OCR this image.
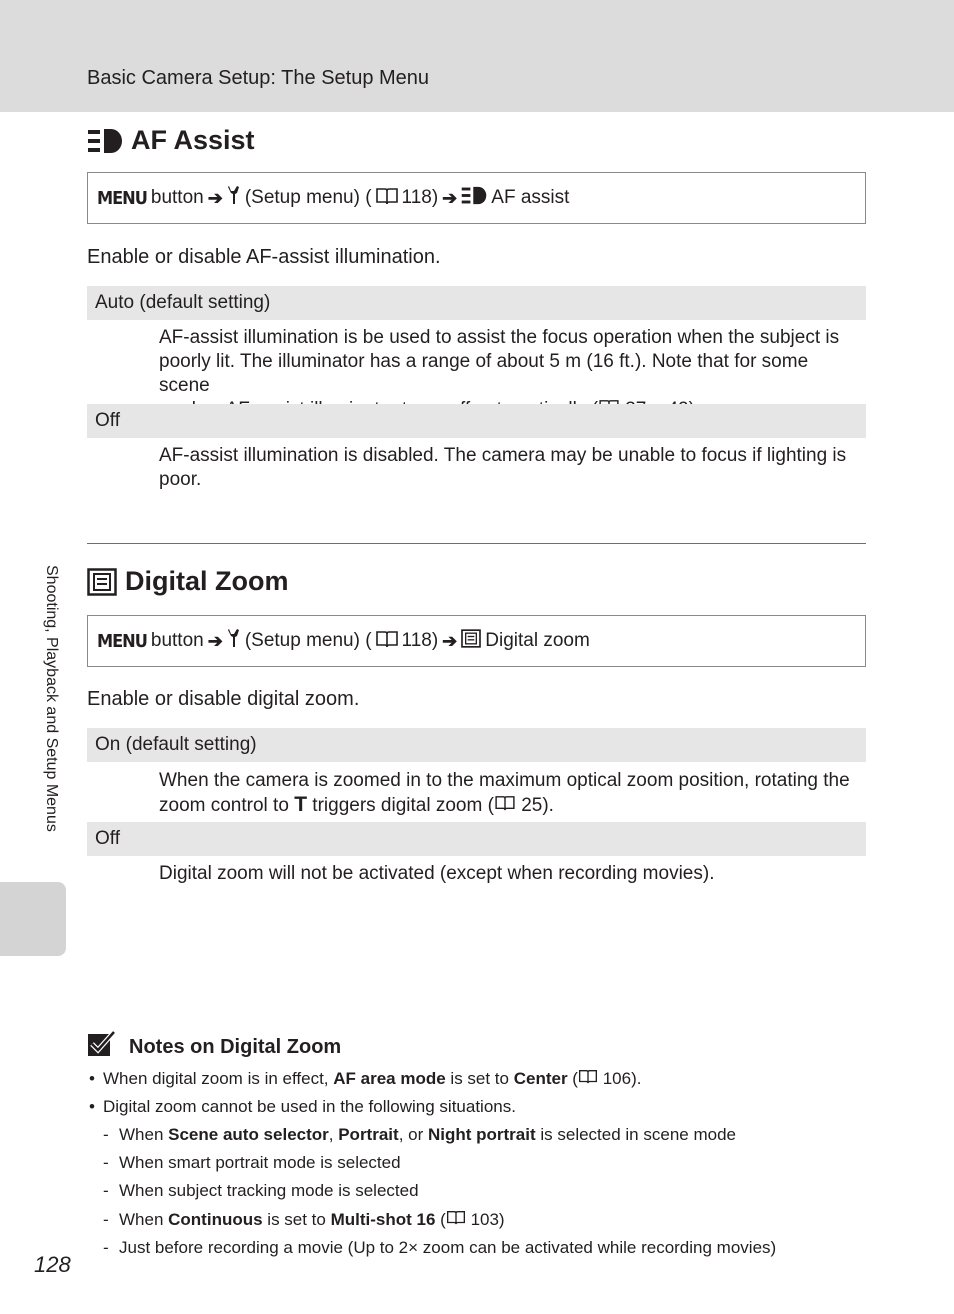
Basic Camera Setup: The Setup Menu
Shooting, Playback and Setup Menus
AF Assist
MENU button ➔ (Setup menu) ( 118) ➔ AF assist
Enable or disable AF-assist illumination.
Auto (default setting)
AF-assist illumination is be used to assist the focus operation when the subject is
poorly lit. The illuminator has a range of about 5 m (16 ft.). Note that for some scene
Off
AF-assist illumination is disabled. The camera may be unable to focus if lighting is
poor.
Digital Zoom
MENU button ➔ (Setup menu) ( 118) ➔ Digital zoom
Enable or disable digital zoom.
On (default setting)
When the camera is zoomed in to the maximum optical zoom position, rotating the
zoom control to T triggers digital zoom ( 25).
Off
Digital zoom will not be activated (except when recording movies).
Notes on Digital Zoom
• When digital zoom is in effect, AF area mode is set to Center ( 106).
• Digital zoom cannot be used in the following situations.
- When Scene auto selector, Portrait, or Night portrait is selected in scene mode
- When smart portrait mode is selected
- When subject tracking mode is selected
- When Continuous is set to Multi-shot 16 ( 103)
- Just before recording a movie (Up to 2× zoom can be activated while recording movies)
128
